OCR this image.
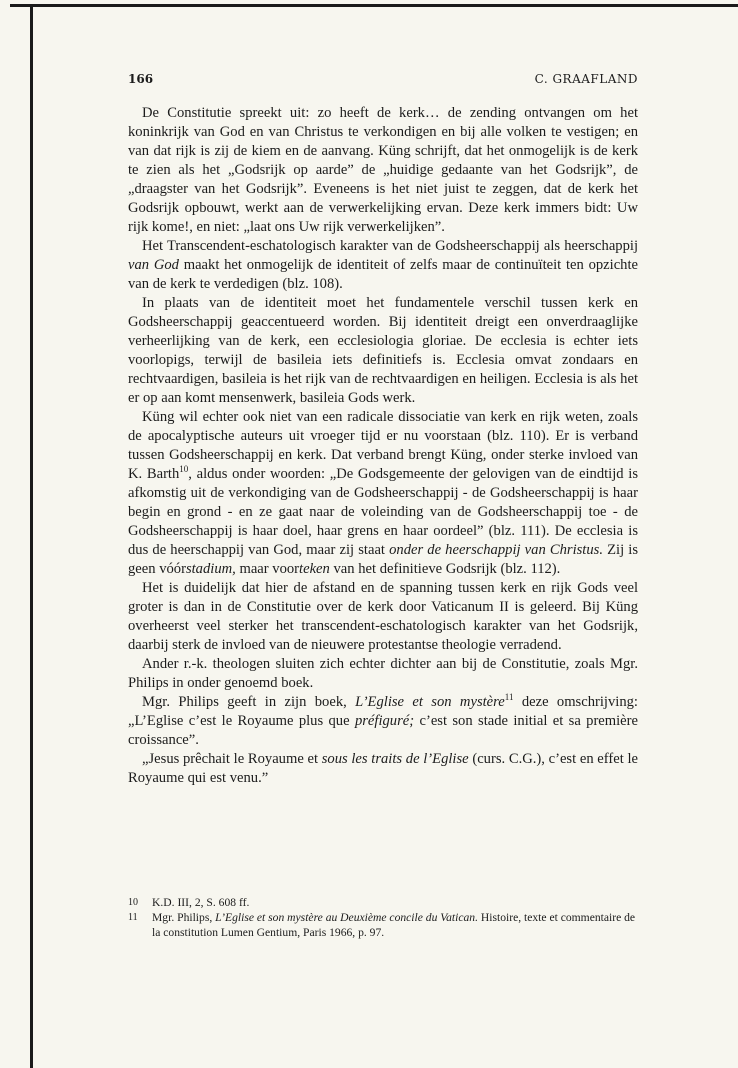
166	C. GRAAFLAND

De Constitutie spreekt uit: zo heeft de kerk… de zending ontvangen om het koninkrijk van God en van Christus te verkondigen en bij alle volken te vestigen; en van dat rijk is zij de kiem en de aanvang. Küng schrijft, dat het onmogelijk is de kerk te zien als het „Godsrijk op aarde” de „huidige gedaante van het Godsrijk”, de „draagster van het Godsrijk”. Eveneens is het niet juist te zeggen, dat de kerk het Godsrijk opbouwt, werkt aan de verwerkelijking ervan. Deze kerk immers bidt: Uw rijk kome!, en niet: „laat ons Uw rijk verwerkelijken”.

Het Transcendent-eschatologisch karakter van de Godsheerschappij als heerschappij van God maakt het onmogelijk de identiteit of zelfs maar de continuïteit ten opzichte van de kerk te verdedigen (blz. 108).

In plaats van de identiteit moet het fundamentele verschil tussen kerk en Godsheerschappij geaccentueerd worden. Bij identiteit dreigt een onverdraaglijke verheerlijking van de kerk, een ecclesiologia gloriae. De ecclesia is echter iets voorlopigs, terwijl de basileia iets definitiefs is. Ecclesia omvat zondaars en rechtvaardigen, basileia is het rijk van de rechtvaardigen en heiligen. Ecclesia is als het er op aan komt mensenwerk, basileia Gods werk.

Küng wil echter ook niet van een radicale dissociatie van kerk en rijk weten, zoals de apocalyptische auteurs uit vroeger tijd er nu voorstaan (blz. 110). Er is verband tussen Godsheerschappij en kerk. Dat verband brengt Küng, onder sterke invloed van K. Barth$^{10}$, aldus onder woorden: „De Godsgemeente der gelovigen van de eindtijd is afkomstig uit de verkondiging van de Godsheerschappij - de Godsheerschappij is haar begin en grond - en ze gaat naar de voleinding van de Godsheerschappij toe - de Godsheerschappij is haar doel, haar grens en haar oordeel” (blz. 111). De ecclesia is dus de heerschappij van God, maar zij staat onder de heerschappij van Christus. Zij is geen vóórstadium, maar voorteken van het definitieve Godsrijk (blz. 112).

Het is duidelijk dat hier de afstand en de spanning tussen kerk en rijk Gods veel groter is dan in de Constitutie over de kerk door Vaticanum II is geleerd. Bij Küng overheerst veel sterker het transcendent-eschatologisch karakter van het Godsrijk, daarbij sterk de invloed van de nieuwere protestantse theologie verradend.

Ander r.-k. theologen sluiten zich echter dichter aan bij de Constitutie, zoals Mgr. Philips in onder genoemd boek.

Mgr. Philips geeft in zijn boek, L’Eglise et son mystère$^{11}$ deze omschrijving: „L’Eglise c’est le Royaume plus que préfiguré; c’est son stade initial et sa première croissance”.

„Jesus prêchait le Royaume et sous les traits de l’Eglise (curs. C.G.), c’est en effet le Royaume qui est venu.”

10 K.D. III, 2, S. 608 ff.
11 Mgr. Philips, L’Eglise et son mystère au Deuxième concile du Vatican. Histoire, texte et commentaire de la constitution Lumen Gentium, Paris 1966, p. 97.
